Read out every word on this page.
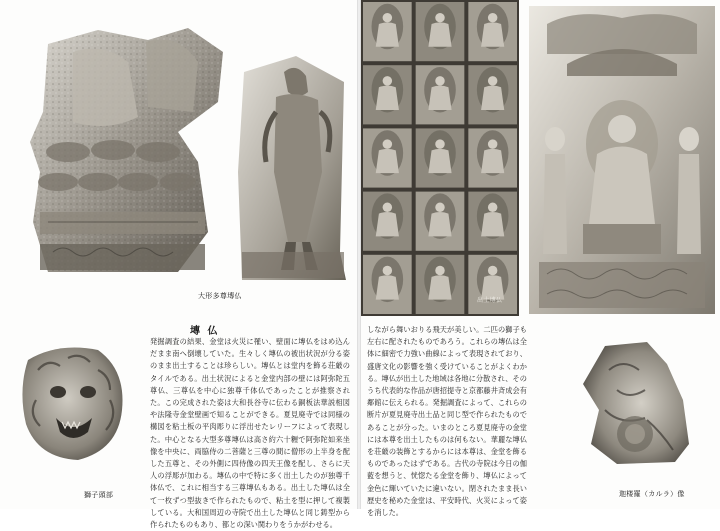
大形多尊塼仏
獅子頭部
塼 仏
発掘調査の結果、金堂は火災に罹い、壁面に塼仏をはめ込んだまま南へ倒壊していた。生々しく塼仏の被出状況が分る姿のまま出土することは珍らしい。塼仏とは堂内を飾る荘厳のタイルである。出土状況によると金堂内部の壁には阿弥陀五尊仏、三尊仏を中心に独尊千体仏であったことが推察された。この完成された姿は大和長谷寺に伝わる銅板法華説相図や法隆寺金堂壁画で知ることができる。夏見廃寺では同様の構図を粘土板の平肉彫りに浮出せたレリーフによって表現した。中心となる大型多尊塼仏は高さ約六十糎で阿弥陀如来坐像を中央に、両脇侍の二菩薩と三尊の間に僧形の上半身を配した五尊と、その外側に四侍像の四天王像を配し、さらに天人の浮彫が加わる。塼仏の中で特に多く出土したのが独尊千体仏で、これに相当する三尊塼仏もある。出土した塼仏は全て一枚ずつ型抜きで作られたもので、粘土を型に押して複製している。大和国周辺の寺院で出土した塼仏と同じ鋳型から作られたものもあり、都との深い関わりをうかがわせる。
出土塼仏
しながら舞いおりる飛天が美しい。二匹の獅子も左右に配されたものであろう。これらの塼仏は全体に細密で力強い曲線によって表現されており、盛唐文化の影響を強く受けていることがよくわかる。塼仏が出土した地域は各地に分散され、そのうち代表的な作品が唐招提寺と京都藤井斉成会有鄰館に伝えられる。発掘調査によって、これらの断片が夏見廃寺出土品と同じ型で作られたものであることが分った。いまのところ夏見廃寺の金堂には本尊を出土したものは何もない。華麗な塼仏を荘厳の装飾とするからには本尊は、金堂を飾るものであったはずである。古代の寺院は今日の伽藍を想うと、恍惚たる金堂を飾り、塼仏によって金色に輝いていたに違いない。閉されたまま長い歴史を秘めた金堂は、平安時代、火災によって姿を消した。
迦楼羅（カルラ）像
